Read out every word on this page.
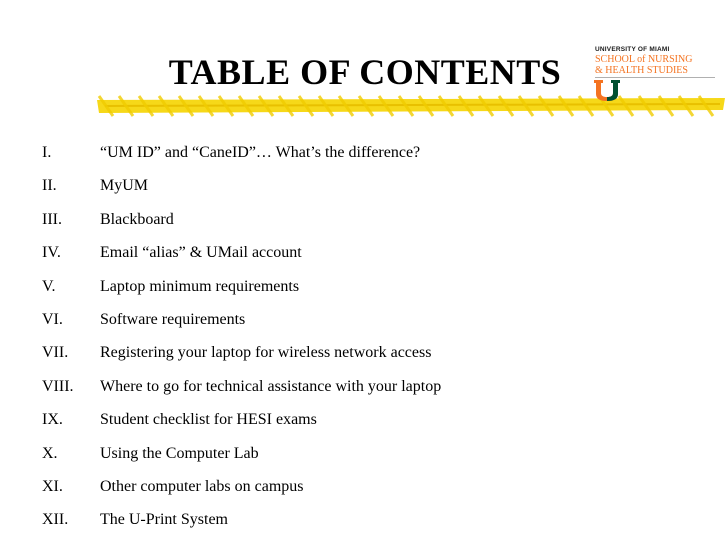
TABLE OF CONTENTS
UNIVERSITY OF MIAMI
SCHOOL of NURSING
& HEALTH STUDIES
I.	“UM ID” and “CaneID”… What’s the difference?
II.	MyUM
III.	Blackboard
IV.	Email “alias” & UMail account
V.	Laptop minimum requirements
VI.	Software requirements
VII.	Registering your laptop for wireless network access
VIII.	Where to go for technical assistance with your laptop
IX.	Student checklist for HESI exams
X.	Using the Computer Lab
XI.	Other computer labs on campus
XII.	The U-Print System
